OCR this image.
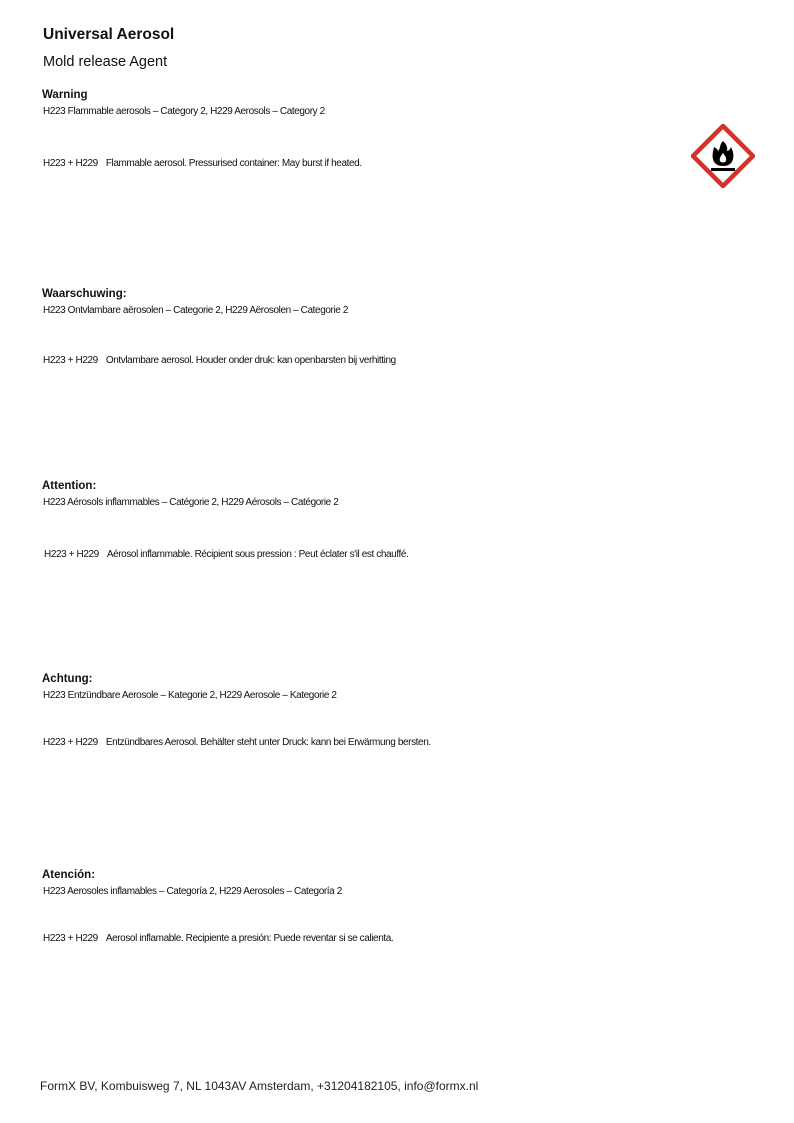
Universal Aerosol
Mold release Agent
Warning
H223 Flammable aerosols – Category 2, H229 Aerosols – Category 2
H223 + H229 Flammable aerosol. Pressurised container: May burst if heated.
Waarschuwing:
H223 Ontvlambare aërosolen – Categorie 2, H229 Aërosolen – Categorie 2
H223 + H229 Ontvlambare aerosol. Houder onder druk: kan openbarsten bij verhitting
Attention:
H223 Aérosols inflammables – Catégorie 2, H229 Aérosols – Catégorie 2
H223 + H229 Aérosol inflammable. Récipient sous pression : Peut éclater s'il est chauffé.
Achtung:
H223 Entzündbare Aerosole – Kategorie 2, H229 Aerosole – Kategorie 2
H223 + H229 Entzündbares Aerosol. Behälter steht unter Druck: kann bei Erwärmung bersten.
Atención:
H223 Aerosoles inflamables – Categoría 2, H229 Aerosoles – Categoría 2
H223 + H229 Aerosol inflamable. Recipiente a presión: Puede reventar si se calienta.
FormX BV, Kombuisweg 7, NL 1043AV Amsterdam, +31204182105, info@formx.nl
